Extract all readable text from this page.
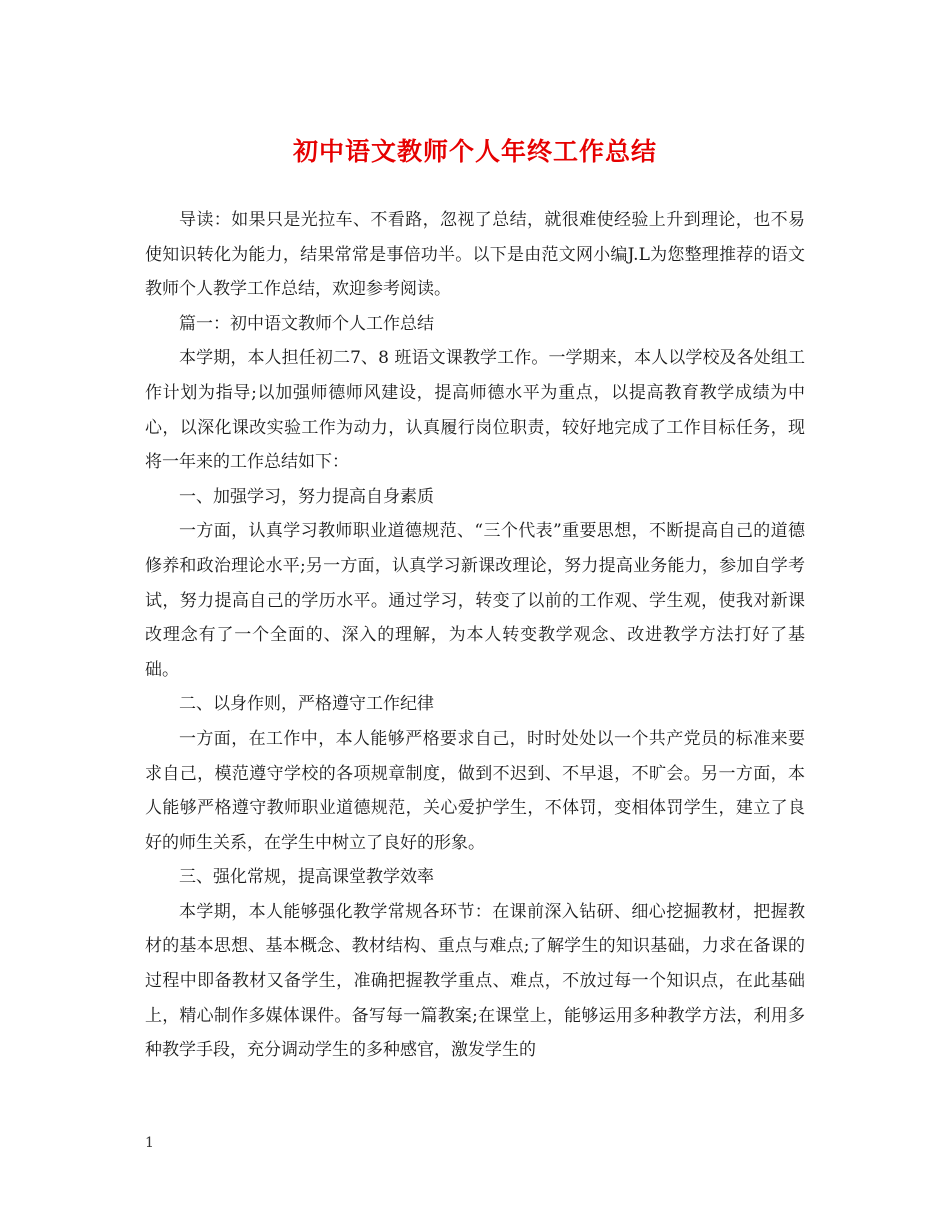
初中语文教师个人年终工作总结

导读：如果只是光拉车、不看路，忽视了总结，就很难使经验上升到理论，也不易使知识转化为能力，结果常常是事倍功半。以下是由范文网小编J.L为您整理推荐的语文教师个人教学工作总结，欢迎参考阅读。

篇一：初中语文教师个人工作总结

本学期，本人担任初二7、8 班语文课教学工作。一学期来，本人以学校及各处组工作计划为指导;以加强师德师风建设，提高师德水平为重点，以提高教育教学成绩为中心，以深化课改实验工作为动力，认真履行岗位职责，较好地完成了工作目标任务，现将一年来的工作总结如下：

一、加强学习，努力提高自身素质

一方面，认真学习教师职业道德规范、“三个代表”重要思想，不断提高自己的道德修养和政治理论水平;另一方面，认真学习新课改理论，努力提高业务能力，参加自学考试，努力提高自己的学历水平。通过学习，转变了以前的工作观、学生观，使我对新课改理念有了一个全面的、深入的理解，为本人转变教学观念、改进教学方法打好了基础。

二、以身作则，严格遵守工作纪律

一方面，在工作中，本人能够严格要求自己，时时处处以一个共产党员的标准来要求自己，模范遵守学校的各项规章制度，做到不迟到、不早退，不旷会。另一方面，本人能够严格遵守教师职业道德规范，关心爱护学生，不体罚，变相体罚学生，建立了良好的师生关系，在学生中树立了良好的形象。

三、强化常规，提高课堂教学效率

本学期，本人能够强化教学常规各环节：在课前深入钻研、细心挖掘教材，把握教材的基本思想、基本概念、教材结构、重点与难点;了解学生的知识基础，力求在备课的过程中即备教材又备学生，准确把握教学重点、难点，不放过每一个知识点，在此基础上，精心制作多媒体课件。备写每一篇教案;在课堂上，能够运用多种教学方法，利用多种教学手段，充分调动学生的多种感官，激发学生的

1
